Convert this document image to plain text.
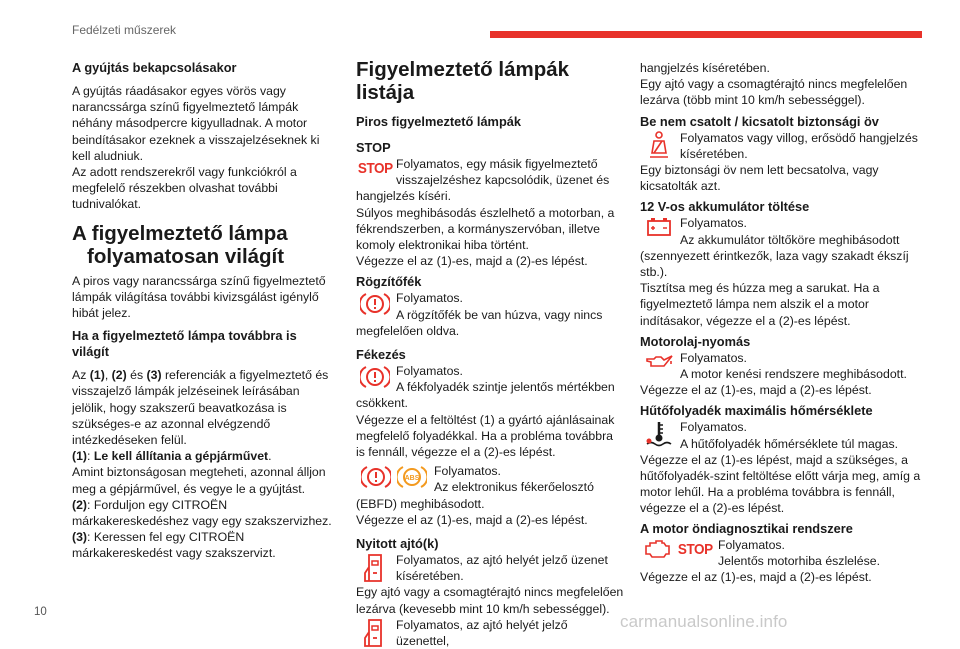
Fedélzeti műszerek

A gyújtás bekapcsolásakor

A gyújtás ráadásakor egyes vörös vagy narancssárga színű figyelmeztető lámpák néhány másodpercre kigyulladnak. A motor beindításakor ezeknek a visszajelzéseknek ki kell aludniuk.

Az adott rendszerekről vagy funkciókról a megfelelő részekben olvashat további tudnivalókat.

A figyelmeztető lámpa

folyamatosan világít

A piros vagy narancssárga színű figyelmeztető lámpák világítása további kivizsgálást igénylő hibát jelez.

Ha a figyelmeztető lámpa továbbra is világít

Az (1), (2) és (3) referenciák a figyelmeztető és visszajelző lámpák jelzéseinek leírásában jelölik, hogy szakszerű beavatkozása is szükséges-e az azonnal elvégzendő intézkedéseken felül.

(1): Le kell állítania a gépjárművet.

Amint biztonságosan megteheti, azonnal álljon meg a gépjárművel, és vegye le a gyújtást.

(2): Forduljon egy CITROËN márkakereskedéshez vagy egy szakszervizhez.

(3): Keressen fel egy CITROËN márkakereskedést vagy szakszervizt.

Figyelmeztető lámpák listája

Piros figyelmeztető lámpák

STOP

STOP Folyamatos, egy másik figyelmeztető visszajelzéshez kapcsolódik, üzenet és hangjelzés kíséri.

Súlyos meghibásodás észlelhető a motorban, a fékrendszerben, a kormányszervóban, illetve komoly elektronikai hiba történt.

Végezze el az (1)-es, majd a (2)-es lépést.

Rögzítőfék

Folyamatos.

A rögzítőfék be van húzva, vagy nincs megfelelően oldva.

Fékezés

Folyamatos.

A fékfolyadék szintje jelentős mértékben csökkent.

Végezze el a feltöltést (1) a gyártó ajánlásainak megfelelő folyadékkal. Ha a probléma továbbra is fennáll, végezze el a (2)-es lépést.

ABS

Folyamatos.

Az elektronikus fékerőelosztó (EBFD) meghibásodott.

Végezze el az (1)-es, majd a (2)-es lépést.

Nyitott ajtó(k)

Folyamatos, az ajtó helyét jelző üzenet kíséretében.

Egy ajtó vagy a csomagtérajtó nincs megfelelően lezárva (kevesebb mint 10 km/h sebességgel).

Folyamatos, az ajtó helyét jelző üzenettel,

hangjelzés kíséretében.

Egy ajtó vagy a csomagtérajtó nincs megfelelően lezárva (több mint 10 km/h sebességgel).

Be nem csatolt / kicsatolt biztonsági öv

Folyamatos vagy villog, erősödő hangjelzés kíséretében.

Egy biztonsági öv nem lett becsatolva, vagy kicsatolták azt.

12 V-os akkumulátor töltése

Folyamatos.

Az akkumulátor töltőköre meghibásodott (szennyezett érintkezők, laza vagy szakadt ékszíj stb.).

Tisztítsa meg és húzza meg a sarukat. Ha a figyelmeztető lámpa nem alszik el a motor indításakor, végezze el a (2)-es lépést.

Motorolaj-nyomás

Folyamatos.

A motor kenési rendszere meghibásodott.

Végezze el az (1)-es, majd a (2)-es lépést.

Hűtőfolyadék maximális hőmérséklete

Folyamatos.

A hűtőfolyadék hőmérséklete túl magas.

Végezze el az (1)-es lépést, majd a szükséges, a hűtőfolyadék-szint feltöltése előtt várja meg, amíg a motor lehűl. Ha a probléma továbbra is fennáll, végezze el a (2)-es lépést.

A motor öndiagnosztikai rendszere

STOP Folyamatos.

Jelentős motorhiba észlelése.

Végezze el az (1)-es, majd a (2)-es lépést.

10	carmanualsonline.info
